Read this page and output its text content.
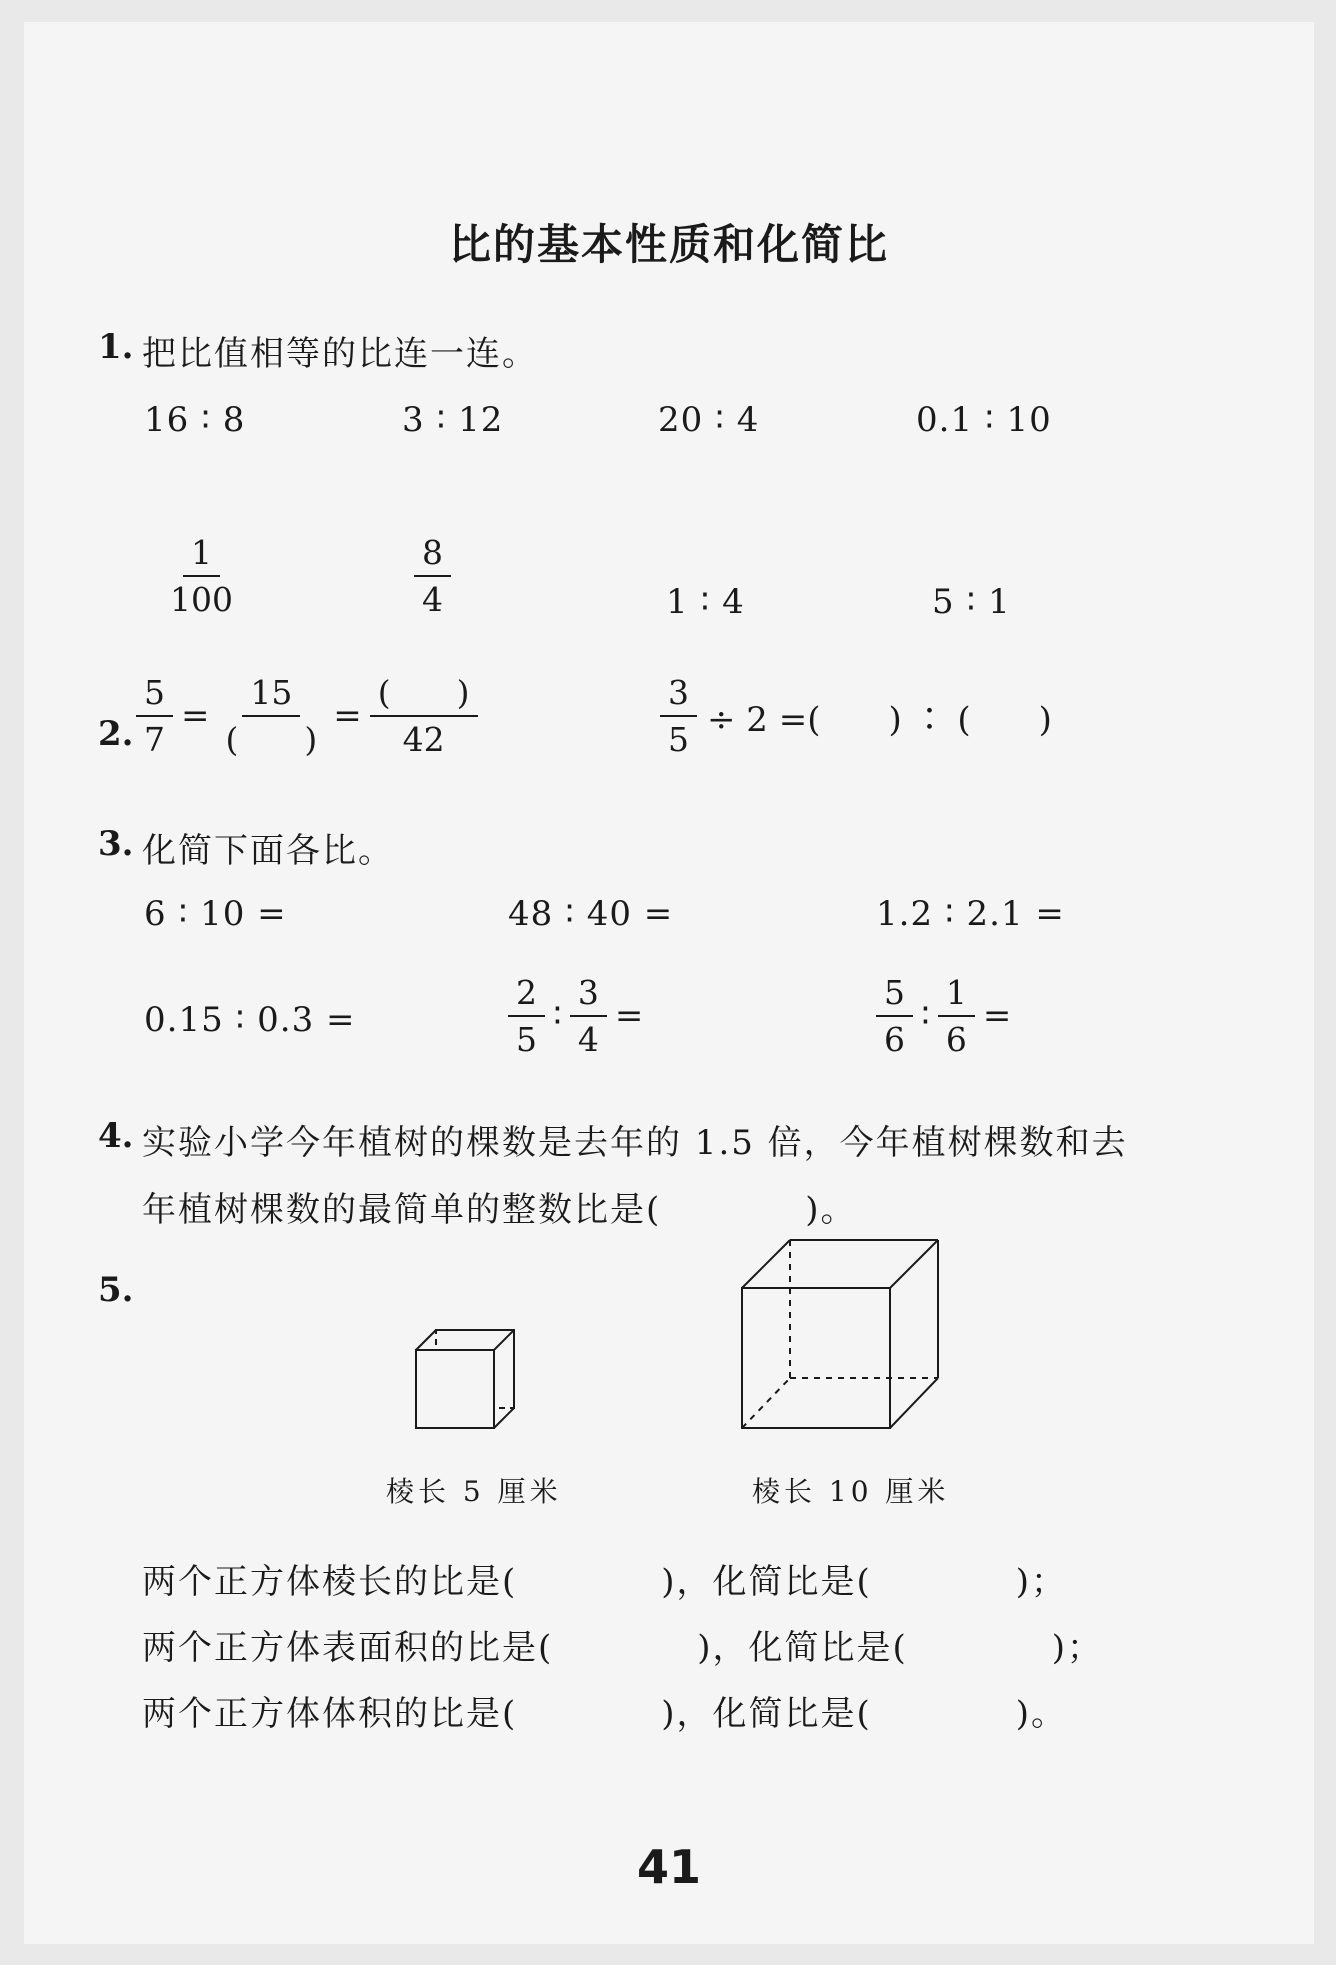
比的基本性质和化简比
1. 把比值相等的比连一连。
16 ∶ 8	3 ∶ 12	20 ∶ 4	0.1 ∶ 10
$\frac{1}{100}$	$\frac{8}{4}$	1 ∶ 4	5 ∶ 1
2. $\frac{5}{7} = \frac{15}{( )} = \frac{( )}{42}$	$\frac{3}{5} \div 2$ =(　　) ∶ (　　)
3. 化简下面各比。
6 ∶ 10 =	48 ∶ 40 =	1.2 ∶ 2.1 =
0.15 ∶ 0.3 =	$\frac{2}{5}$ ∶ $\frac{3}{4}$ =	$\frac{5}{6}$ ∶ $\frac{1}{6}$ =
4. 实验小学今年植树的棵数是去年的 1.5 倍，今年植树棵数和去
年植树棵数的最简单的整数比是(　　　　)。
5.
棱长 5 厘米	棱长 10 厘米
两个正方体棱长的比是(　　　　)，化简比是(　　　　)；
两个正方体表面积的比是(　　　　)，化简比是(　　　　)；
两个正方体体积的比是(　　　　)，化简比是(　　　　)。
41
